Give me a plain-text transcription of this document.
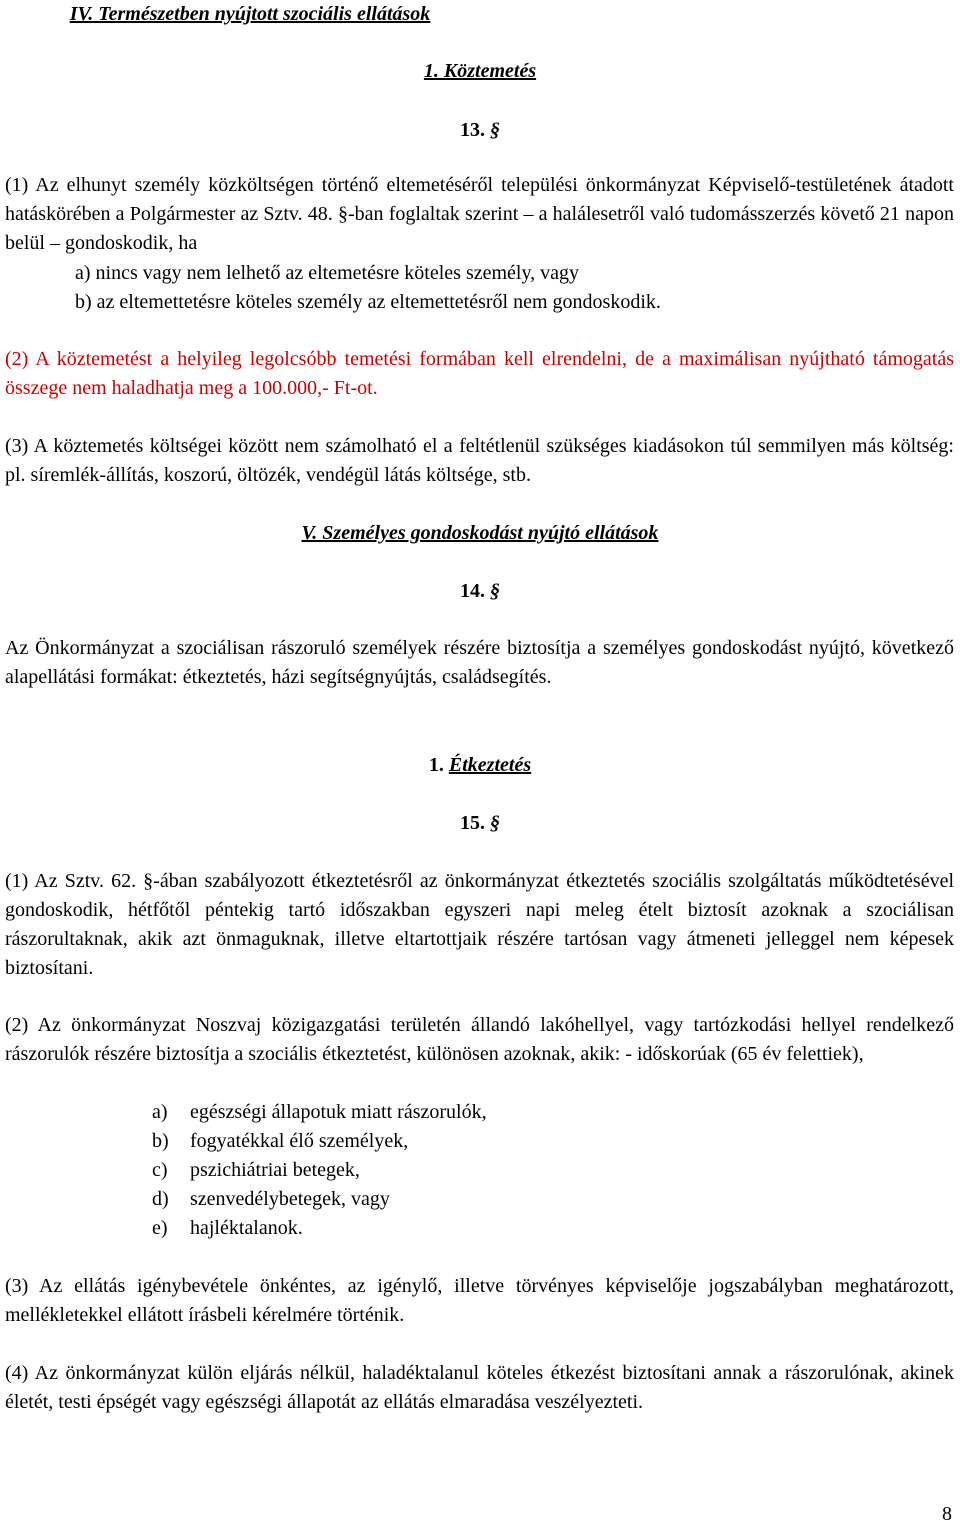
IV. Természetben nyújtott szociális ellátások

1. Köztemetés

13. §

(1) Az elhunyt személy közköltségen történő eltemetéséről települési önkormányzat Képviselő-testületének átadott hatáskörében a Polgármester az Sztv. 48. §-ban foglaltak szerint – a halálesetről való tudomásszerzés követő 21 napon belül – gondoskodik, ha

a) nincs vagy nem lelhető az eltemetésre köteles személy, vagy

b) az eltemettetésre köteles személy az eltemettetésről nem gondoskodik.

(2) A köztemetést a helyileg legolcsóbb temetési formában kell elrendelni, de a maximálisan nyújtható támogatás összege nem haladhatja meg a 100.000,- Ft-ot.

(3) A köztemetés költségei között nem számolható el a feltétlenül szükséges kiadásokon túl semmilyen más költség: pl. síremlék-állítás, koszorú, öltözék, vendégül látás költsége, stb.

V. Személyes gondoskodást nyújtó ellátások

14. §

Az Önkormányzat a szociálisan rászoruló személyek részére biztosítja a személyes gondoskodást nyújtó, következő alapellátási formákat: étkeztetés, házi segítségnyújtás, családsegítés.

1. Étkeztetés

15. §

(1) Az Sztv. 62. §-ában szabályozott étkeztetésről az önkormányzat étkeztetés szociális szolgáltatás működtetésével gondoskodik, hétfőtől péntekig tartó időszakban egyszeri napi meleg ételt biztosít azoknak a szociálisan rászorultaknak, akik azt önmaguknak, illetve eltartottjaik részére tartósan vagy átmeneti jelleggel nem képesek biztosítani.

(2) Az önkormányzat Noszvaj közigazgatási területén állandó lakóhellyel, vagy tartózkodási hellyel rendelkező rászorulók részére biztosítja a szociális étkeztetést, különösen azoknak, akik: - időskorúak (65 év felettiek),

a) egészségi állapotuk miatt rászorulók,

b) fogyatékkal élő személyek,

c) pszichiátriai betegek,

d) szenvedélybetegek, vagy

e) hajléktalanok.

(3) Az ellátás igénybevétele önkéntes, az igénylő, illetve törvényes képviselője jogszabályban meghatározott, mellékletekkel ellátott írásbeli kérelmére történik.

(4) Az önkormányzat külön eljárás nélkül, haladéktalanul köteles étkezést biztosítani annak a rászorulónak, akinek életét, testi épségét vagy egészségi állapotát az ellátás elmaradása veszélyezteti.

8
